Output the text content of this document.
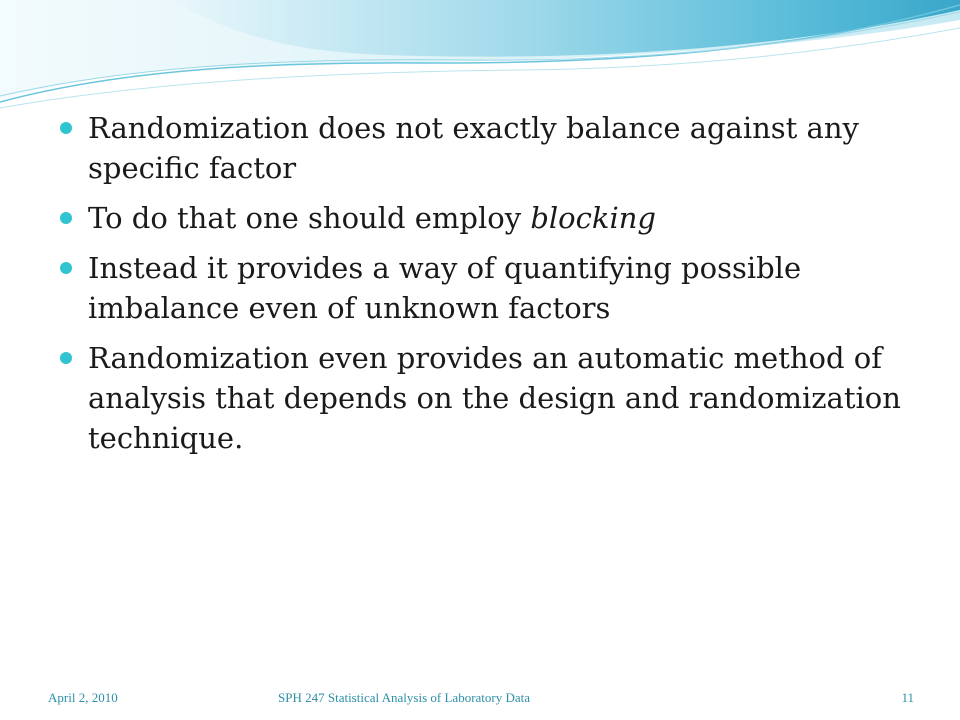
Randomization does not exactly balance against any specific factor
To do that one should employ blocking
Instead it provides a way of quantifying possible imbalance even of unknown factors
Randomization even provides an automatic method of analysis that depends on the design and randomization technique.
April 2, 2010	SPH 247 Statistical Analysis of Laboratory Data	11
